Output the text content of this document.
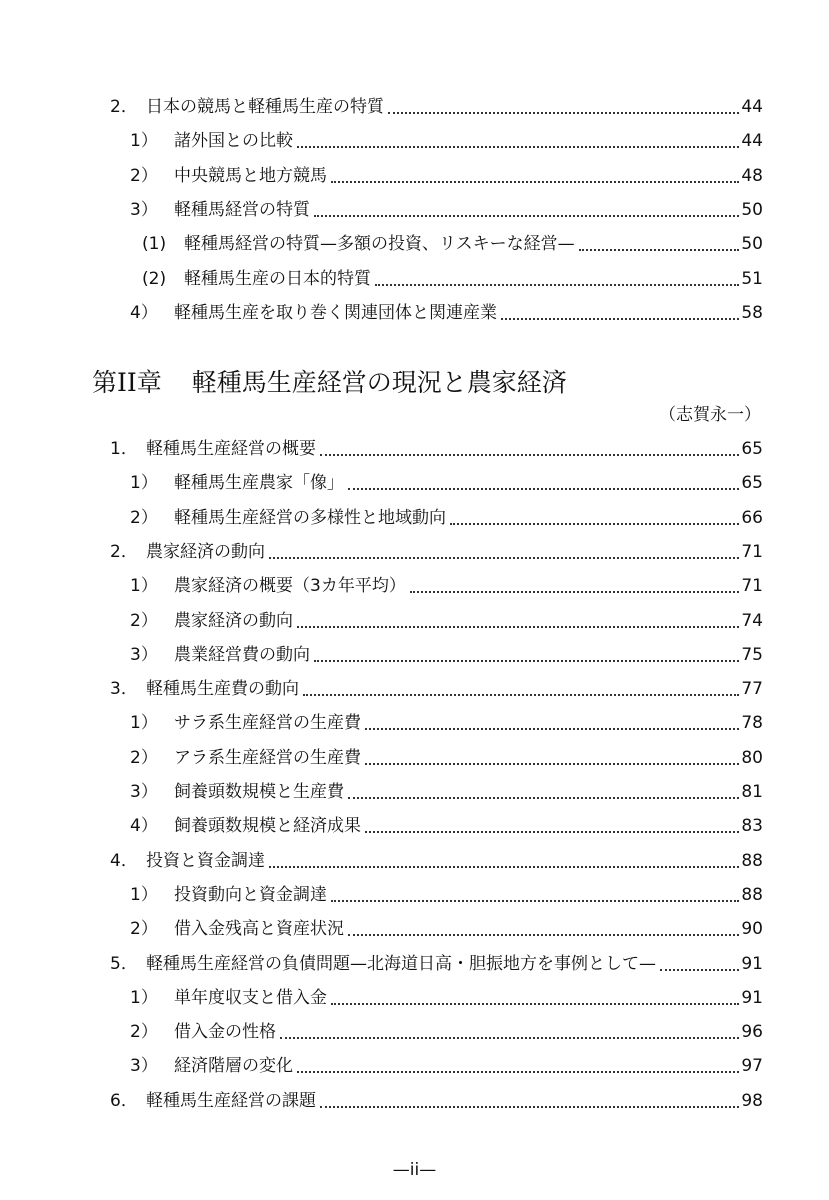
2． 日本の競馬と軽種馬生産の特質	44
1） 諸外国との比較	44
2） 中央競馬と地方競馬	48
3） 軽種馬経営の特質	50
(1) 軽種馬経営の特質—多額の投資、リスキーな経営—	50
(2) 軽種馬生産の日本的特質	51
4） 軽種馬生産を取り巻く関連団体と関連産業	58
第II章 軽種馬生産経営の現況と農家経済
（志賀永一）
1． 軽種馬生産経営の概要	65
1） 軽種馬生産農家「像」	65
2） 軽種馬生産経営の多様性と地域動向	66
2． 農家経済の動向	71
1） 農家経済の概要（3カ年平均）	71
2） 農家経済の動向	74
3） 農業経営費の動向	75
3． 軽種馬生産費の動向	77
1） サラ系生産経営の生産費	78
2） アラ系生産経営の生産費	80
3） 飼養頭数規模と生産費	81
4） 飼養頭数規模と経済成果	83
4． 投資と資金調達	88
1） 投資動向と資金調達	88
2） 借入金残高と資産状況	90
5． 軽種馬生産経営の負債問題—北海道日高・胆振地方を事例として—	91
1） 単年度収支と借入金	91
2） 借入金の性格	96
3） 経済階層の変化	97
6． 軽種馬生産経営の課題	98
—ii—
